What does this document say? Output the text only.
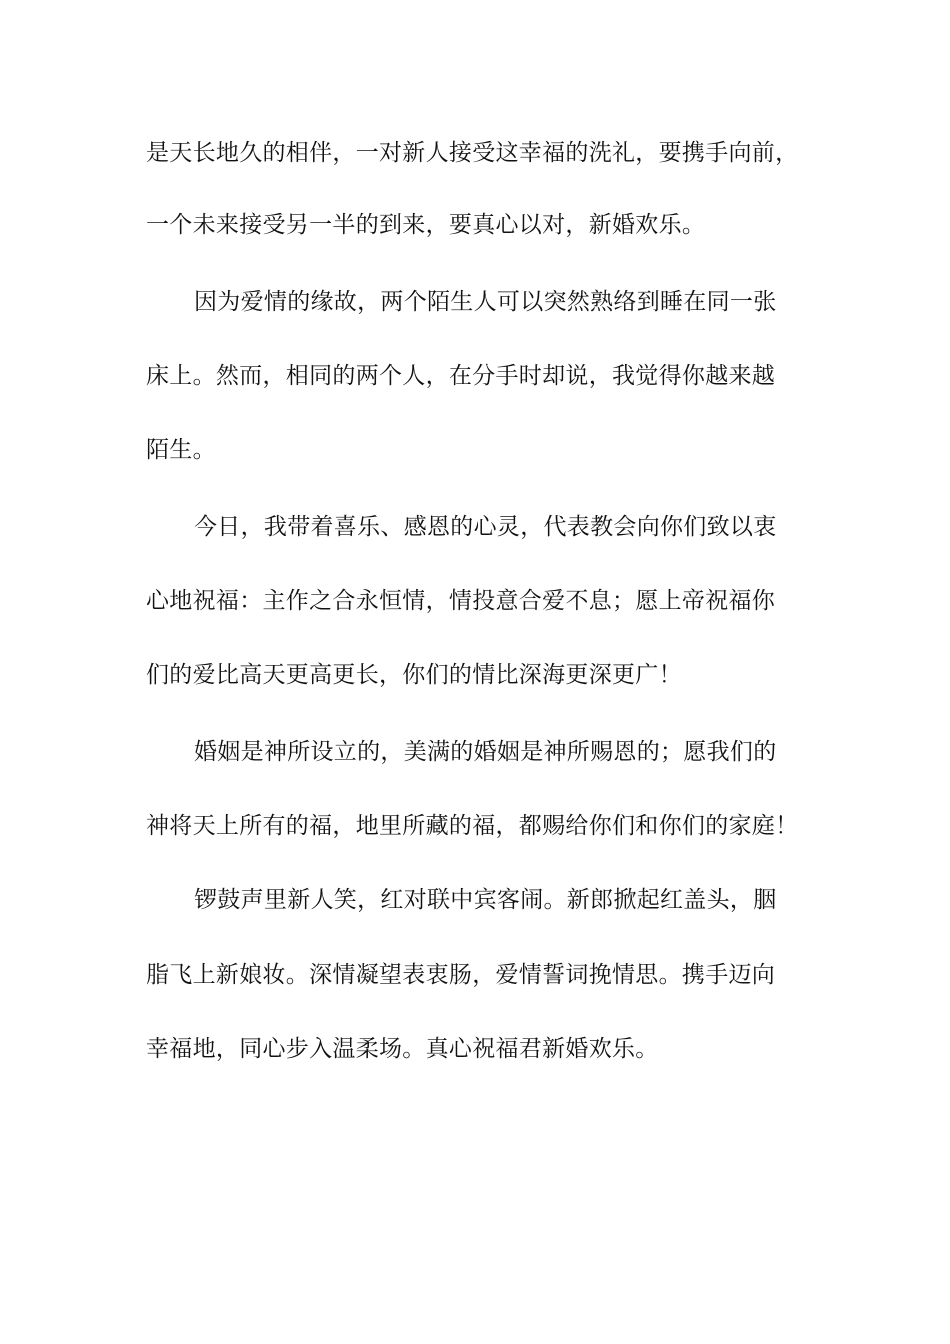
是天长地久的相伴，一对新人接受这幸福的洗礼，要携手向前，
一个未来接受另一半的到来，要真心以对，新婚欢乐。
因为爱情的缘故，两个陌生人可以突然熟络到睡在同一张
床上。然而，相同的两个人，在分手时却说，我觉得你越来越
陌生。
今日，我带着喜乐、感恩的心灵，代表教会向你们致以衷
心地祝福：主作之合永恒情，情投意合爱不息；愿上帝祝福你
们的爱比高天更高更长，你们的情比深海更深更广！
婚姻是神所设立的，美满的婚姻是神所赐恩的；愿我们的
神将天上所有的福，地里所藏的福，都赐给你们和你们的家庭！
锣鼓声里新人笑，红对联中宾客闹。新郎掀起红盖头，胭
脂飞上新娘妆。深情凝望表衷肠，爱情誓词挽情思。携手迈向
幸福地，同心步入温柔场。真心祝福君新婚欢乐。
